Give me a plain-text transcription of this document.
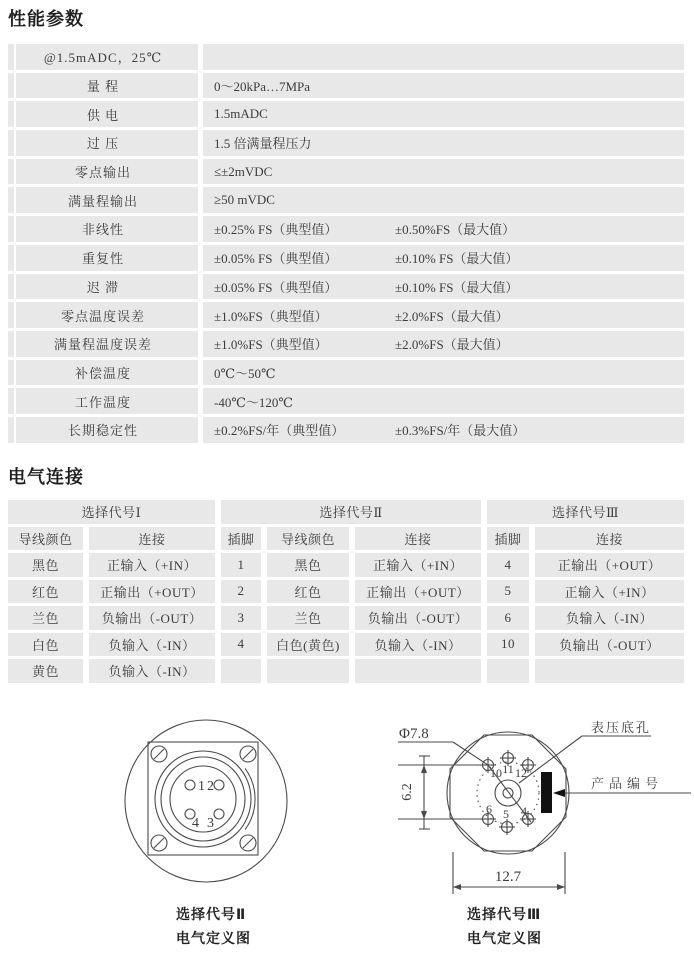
性能参数
@1.5mADC，25℃
量 程	0～20kPa…7MPa
供 电	1.5mADC
过 压	1.5 倍满量程压力
零点输出	≤±2mVDC
满量程输出	≥50 mVDC
非线性	±0.25% FS（典型值）	±0.50%FS（最大值）
重复性	±0.05% FS（典型值）	±0.10% FS（最大值）
迟 滞	±0.05% FS（典型值）	±0.10% FS（最大值）
零点温度误差	±1.0%FS（典型值）	±2.0%FS（最大值）
满量程温度误差	±1.0%FS（典型值）	±2.0%FS（最大值）
补偿温度	0℃～50℃
工作温度	-40℃～120℃
长期稳定性	±0.2%FS/年（典型值）	±0.3%FS/年（最大值）
电气连接
选择代号Ⅰ	选择代号Ⅱ	选择代号Ⅲ
导线颜色	连接	插脚	导线颜色	连接	插脚	连接
黑色	正输入（+IN）	1	黑色	正输入（+IN）	4	正输出（+OUT）
红色	正输出（+OUT）	2	红色	正输出（+OUT）	5	正输入（+IN）
兰色	负输出（-OUT）	3	兰色	负输出（-OUT）	6	负输入（-IN）
白色	负输入（-IN）	4	白色(黄色)	负输入（-IN）	10	负输出（-OUT）
黄色	负输入（-IN）
1 2
4 3
10 11 12
6 5 4
Φ7.8	表压底孔
产品编号
6.2
12.7
选择代号Ⅱ
电气定义图
选择代号Ⅲ
电气定义图
